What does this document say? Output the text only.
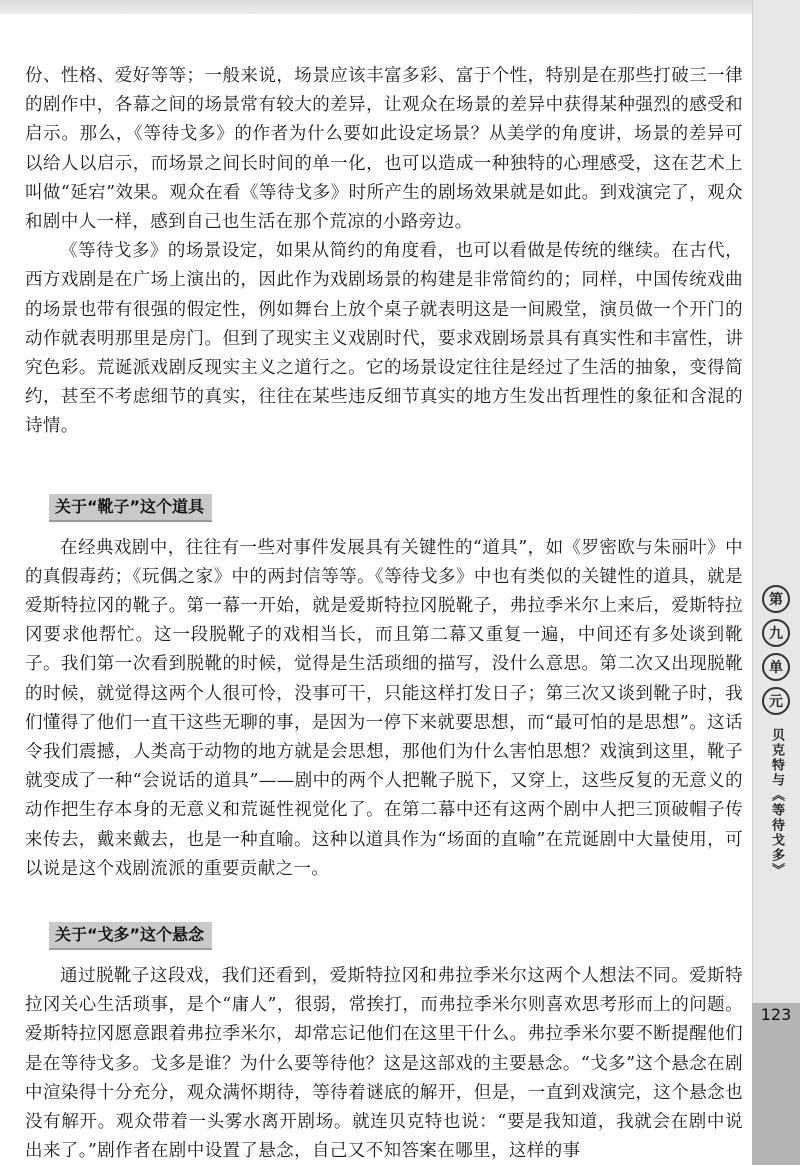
份、性格、爱好等等；一般来说，场景应该丰富多彩、富于个性，特别是在那些打破三一律的剧作中，各幕之间的场景常有较大的差异，让观众在场景的差异中获得某种强烈的感受和启示。那么，《等待戈多》的作者为什么要如此设定场景？从美学的角度讲，场景的差异可以给人以启示，而场景之间长时间的单一化，也可以造成一种独特的心理感受，这在艺术上叫做“延宕”效果。观众在看《等待戈多》时所产生的剧场效果就是如此。到戏演完了，观众和剧中人一样，感到自己也生活在那个荒凉的小路旁边。

《等待戈多》的场景设定，如果从简约的角度看，也可以看做是传统的继续。在古代，西方戏剧是在广场上演出的，因此作为戏剧场景的构建是非常简约的；同样，中国传统戏曲的场景也带有很强的假定性，例如舞台上放个桌子就表明这是一间殿堂，演员做一个开门的动作就表明那里是房门。但到了现实主义戏剧时代，要求戏剧场景具有真实性和丰富性，讲究色彩。荒诞派戏剧反现实主义之道行之。它的场景设定往往是经过了生活的抽象，变得简约，甚至不考虑细节的真实，往往在某些违反细节真实的地方生发出哲理性的象征和含混的诗情。

关于“靴子”这个道具

在经典戏剧中，往往有一些对事件发展具有关键性的“道具”，如《罗密欧与朱丽叶》中的真假毒药；《玩偶之家》中的两封信等等。《等待戈多》中也有类似的关键性的道具，就是爱斯特拉冈的靴子。第一幕一开始，就是爱斯特拉冈脱靴子，弗拉季米尔上来后，爱斯特拉冈要求他帮忙。这一段脱靴子的戏相当长，而且第二幕又重复一遍，中间还有多处谈到靴子。我们第一次看到脱靴的时候，觉得是生活琐细的描写，没什么意思。第二次又出现脱靴的时候，就觉得这两个人很可怜，没事可干，只能这样打发日子；第三次又谈到靴子时，我们懂得了他们一直干这些无聊的事，是因为一停下来就要思想，而“最可怕的是思想”。这话令我们震撼，人类高于动物的地方就是会思想，那他们为什么害怕思想？戏演到这里，靴子就变成了一种“会说话的道具”——剧中的两个人把靴子脱下，又穿上，这些反复的无意义的动作把生存本身的无意义和荒诞性视觉化了。在第二幕中还有这两个剧中人把三顶破帽子传来传去，戴来戴去，也是一种直喻。这种以道具作为“场面的直喻”在荒诞剧中大量使用，可以说是这个戏剧流派的重要贡献之一。

关于“戈多”这个悬念

通过脱靴子这段戏，我们还看到，爱斯特拉冈和弗拉季米尔这两个人想法不同。爱斯特拉冈关心生活琐事，是个“庸人”，很弱，常挨打，而弗拉季米尔则喜欢思考形而上的问题。爱斯特拉冈愿意跟着弗拉季米尔，却常忘记他们在这里干什么。弗拉季米尔要不断提醒他们是在等待戈多。戈多是谁？为什么要等待他？这是这部戏的主要悬念。“戈多”这个悬念在剧中渲染得十分充分，观众满怀期待，等待着谜底的解开，但是，一直到戏演完，这个悬念也没有解开。观众带着一头雾水离开剧场。就连贝克特也说：“要是我知道，我就会在剧中说出来了。”剧作者在剧中设置了悬念，自己又不知答案在哪里，这样的事

第
九
单
元
贝克特与《等待戈多》
123
